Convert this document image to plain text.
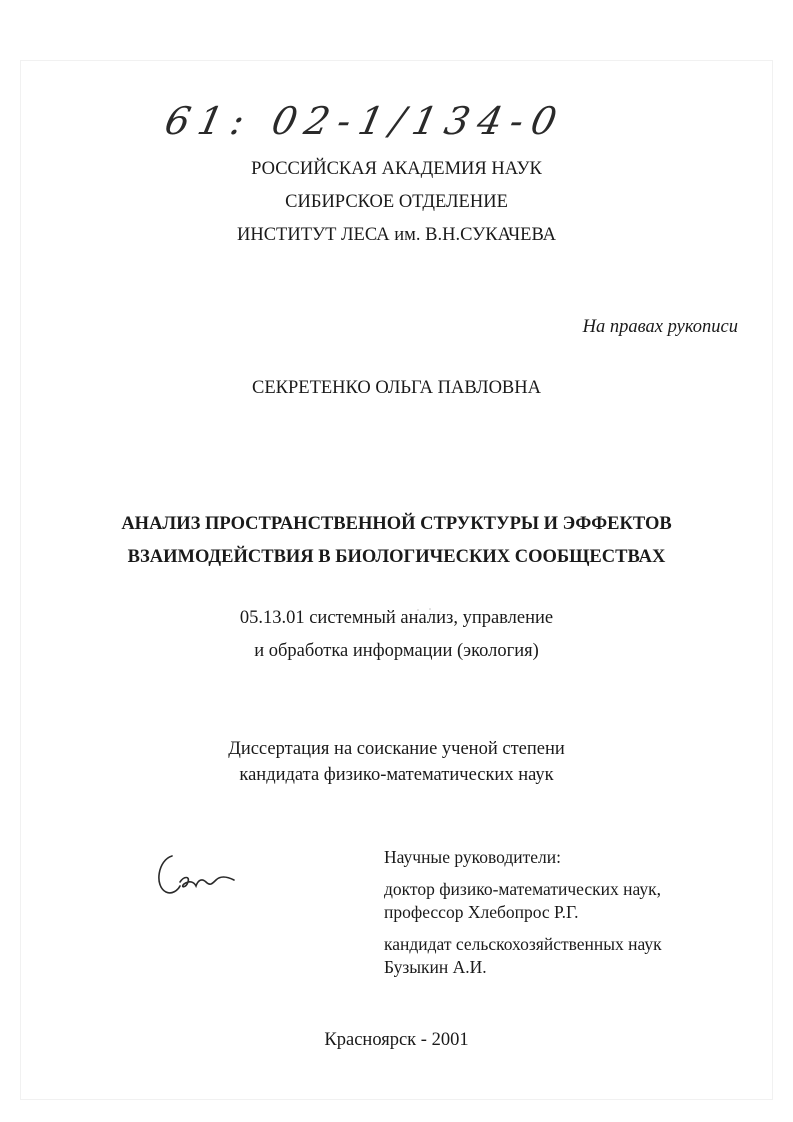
61: 02-1/134-0
РОССИЙСКАЯ АКАДЕМИЯ НАУК
СИБИРСКОЕ ОТДЕЛЕНИЕ
ИНСТИТУТ ЛЕСА им. В.Н.СУКАЧЕВА
На правах рукописи
СЕКРЕТЕНКО ОЛЬГА ПАВЛОВНА
АНАЛИЗ ПРОСТРАНСТВЕННОЙ СТРУКТУРЫ И ЭФФЕКТОВ
ВЗАИМОДЕЙСТВИЯ В БИОЛОГИЧЕСКИХ СООБЩЕСТВАХ
05.13.01 системный анализ, управление
и обработка информации (экология)
Диссертация на соискание ученой степени
кандидата физико-математических наук
Научные руководители:
доктор физико-математических наук,
профессор Хлебопрос Р.Г.
кандидат сельскохозяйственных наук
Бузыкин А.И.
Красноярск - 2001
